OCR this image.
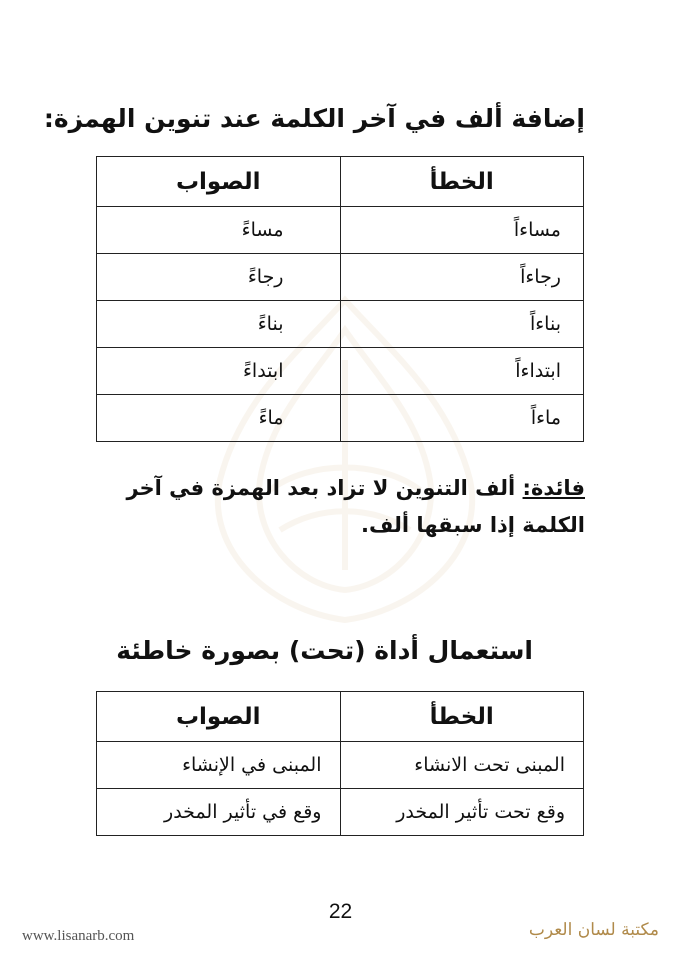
إضافة ألف في آخر الكلمة عند تنوين الهمزة:
الخطأ	الصواب
مساءاً	مساءً
رجاءاً	رجاءً
بناءاً	بناءً
ابتداءاً	ابتداءً
ماءاً	ماءً
فائدة: ألف التنوين لا تزاد بعد الهمزة في آخر الكلمة إذا سبقها ألف.
استعمال أداة (تحت) بصورة خاطئة
الخطأ	الصواب
المبنى تحت الانشاء	المبنى في الإنشاء
وقع تحت تأثير المخدر	وقع في تأثير المخدر
22
www.lisanarb.com	مكتبة لسان العرب
